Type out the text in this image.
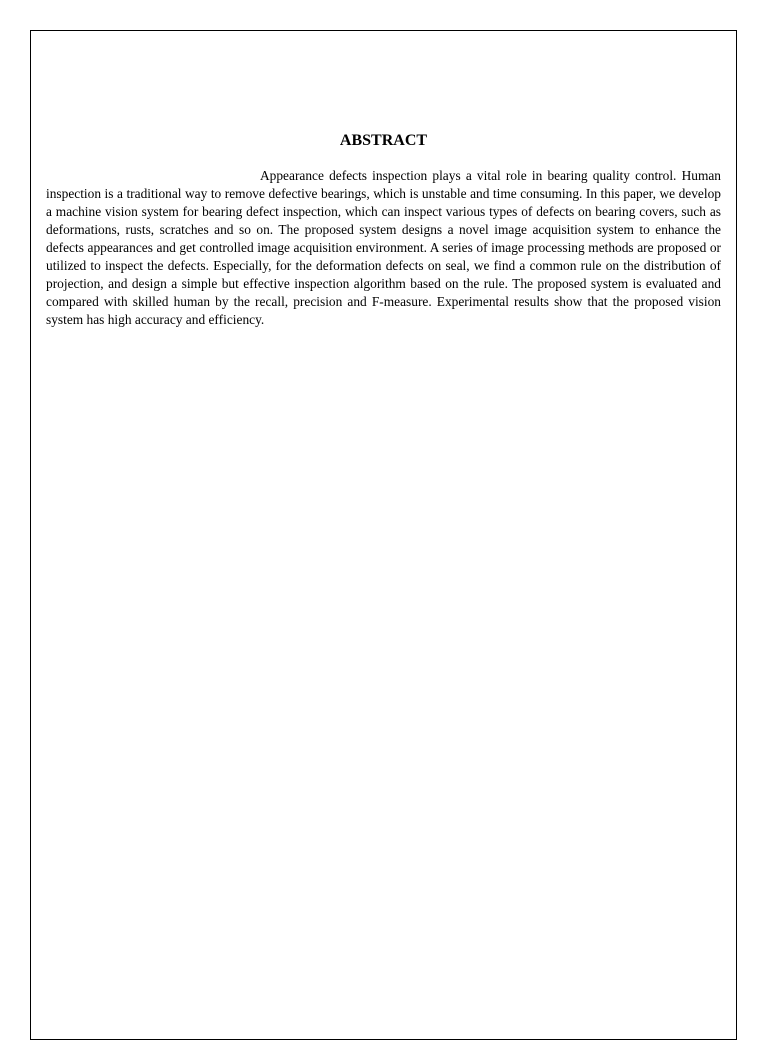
ABSTRACT

Appearance defects inspection plays a vital role in bearing quality control. Human inspection is a traditional way to remove defective bearings, which is unstable and time consuming. In this paper, we develop a machine vision system for bearing defect inspection, which can inspect various types of defects on bearing covers, such as deformations, rusts, scratches and so on. The proposed system designs a novel image acquisition system to enhance the defects appearances and get controlled image acquisition environment. A series of image processing methods are proposed or utilized to inspect the defects. Especially, for the deformation defects on seal, we find a common rule on the distribution of projection, and design a simple but effective inspection algorithm based on the rule. The proposed system is evaluated and compared with skilled human by the recall, precision and F-measure. Experimental results show that the proposed vision system has high accuracy and efficiency.
